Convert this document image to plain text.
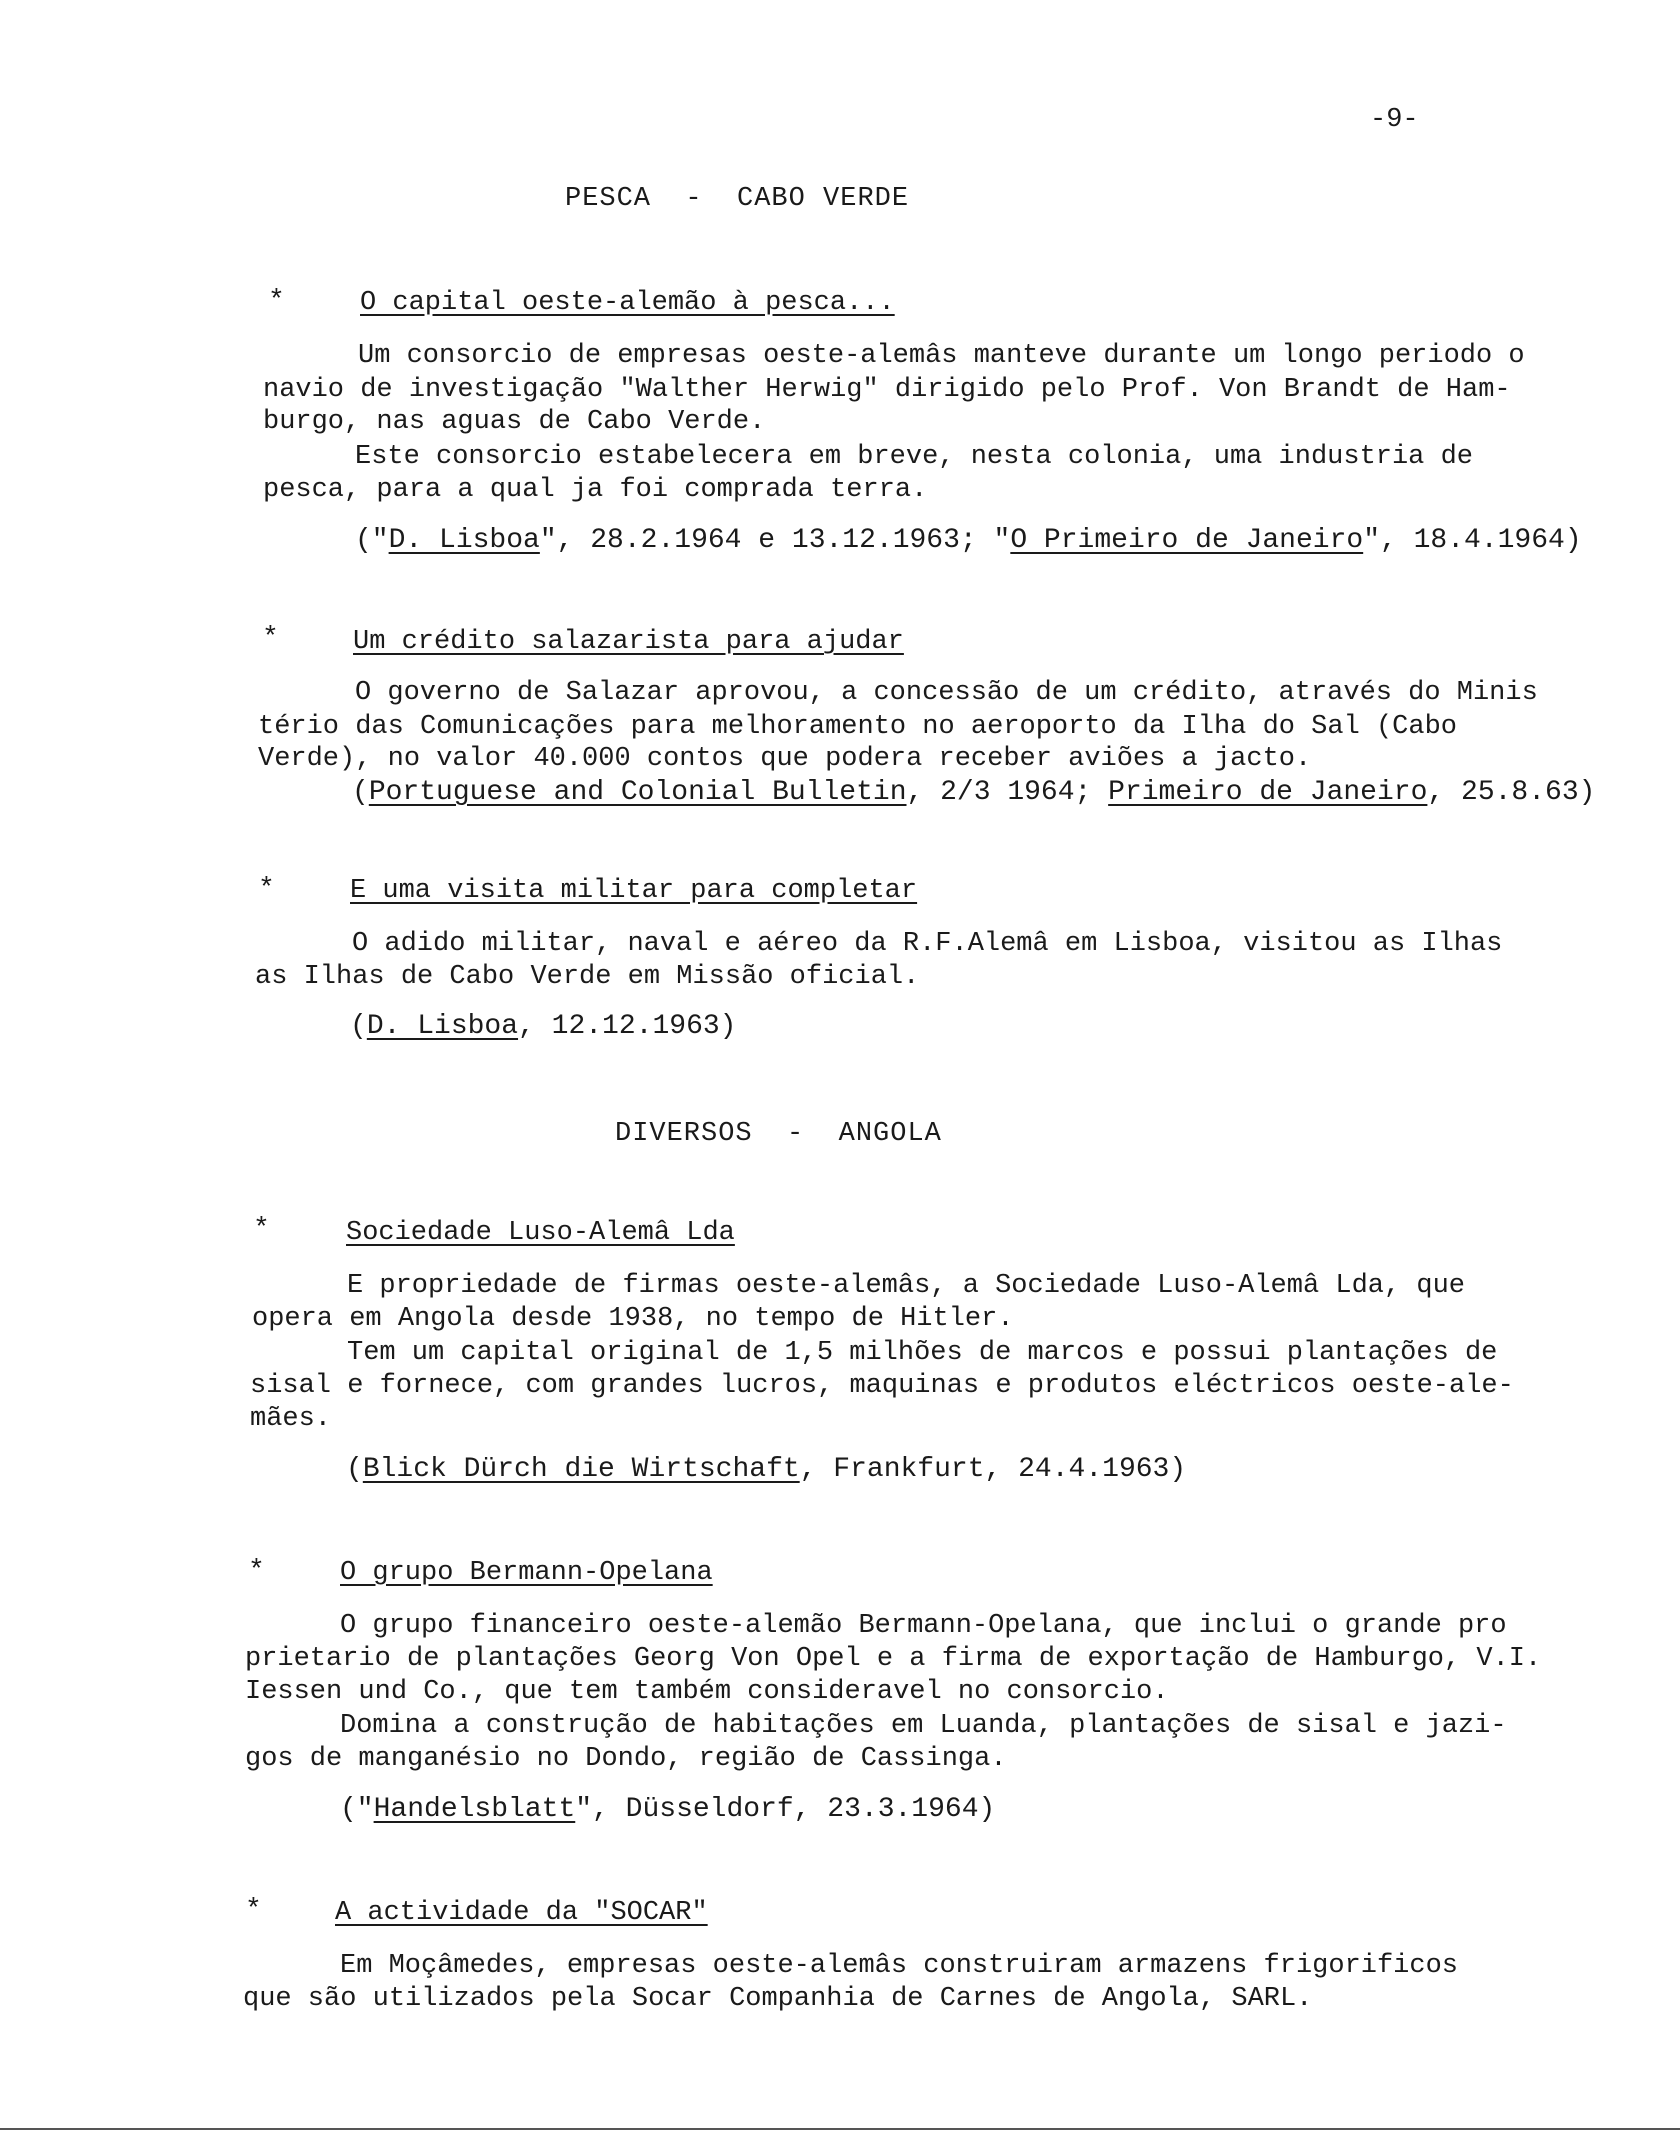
-9-
PESCA  -  CABO VERDE
*	O capital oeste-alemão à pesca...
Um consorcio de empresas oeste-alemâs manteve durante um longo periodo o
navio de investigação "Walther Herwig" dirigido pelo Prof. Von Brandt de Ham-
burgo, nas aguas de Cabo Verde.
Este consorcio estabelecera em breve, nesta colonia, uma industria de
pesca, para a qual ja foi comprada terra.
("D. Lisboa", 28.2.1964 e 13.12.1963; "O Primeiro de Janeiro", 18.4.1964)
*	Um crédito salazarista para ajudar
O governo de Salazar aprovou, a concessão de um crédito, através do Minis
tério das Comunicações para melhoramento no aeroporto da Ilha do Sal (Cabo
Verde), no valor 40.000 contos que podera receber aviões a jacto.
(Portuguese and Colonial Bulletin, 2/3 1964; Primeiro de Janeiro, 25.8.63)
*	E uma visita militar para completar
O adido militar, naval e aéreo da R.F.Alemâ em Lisboa, visitou as Ilhas
as Ilhas de Cabo Verde em Missão oficial.
(D. Lisboa, 12.12.1963)
DIVERSOS  -  ANGOLA
*	Sociedade Luso-Alemâ Lda
E propriedade de firmas oeste-alemâs, a Sociedade Luso-Alemâ Lda, que
opera em Angola desde 1938, no tempo de Hitler.
Tem um capital original de 1,5 milhões de marcos e possui plantações de
sisal e fornece, com grandes lucros, maquinas e produtos eléctricos oeste-ale-
mães.
(Blick Dürch die Wirtschaft, Frankfurt, 24.4.1963)
*	O grupo Bermann-Opelana
O grupo financeiro oeste-alemão Bermann-Opelana, que inclui o grande pro
prietario de plantações Georg Von Opel e a firma de exportação de Hamburgo, V.I.
Iessen und Co., que tem também consideravel no consorcio.
Domina a construção de habitações em Luanda, plantações de sisal e jazi-
gos de manganésio no Dondo, região de Cassinga.
("Handelsblatt", Düsseldorf, 23.3.1964)
*	A actividade da "SOCAR"
Em Moçâmedes, empresas oeste-alemâs construiram armazens frigorificos
que são utilizados pela Socar Companhia de Carnes de Angola, SARL.
